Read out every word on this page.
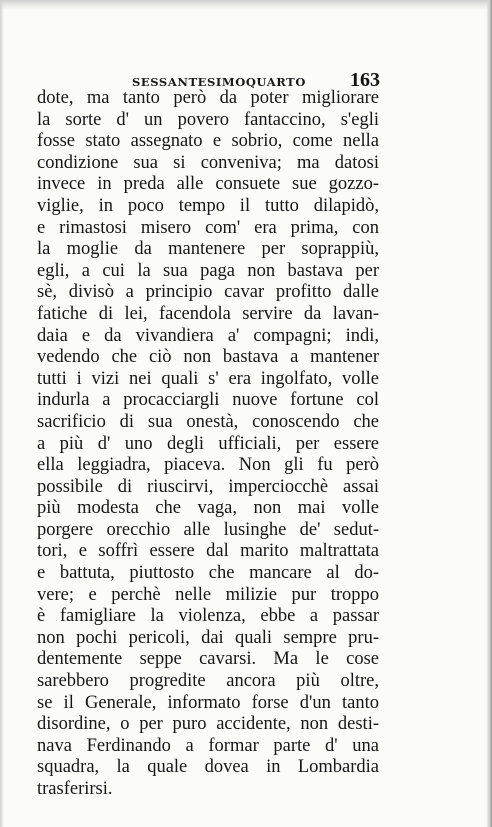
SESSANTESIMOQUARTO 163
dote, ma tanto però da poter migliorare
la sorte d' un povero fantaccino, s'egli
fosse stato assegnato e sobrio, come nella
condizione sua si conveniva; ma datosi
invece in preda alle consuete sue gozzo-
viglie, in poco tempo il tutto dilapidò,
e rimastosi misero com' era prima, con
la moglie da mantenere per soprappiù,
egli, a cui la sua paga non bastava per
sè, divisò a principio cavar profitto dalle
fatiche di lei, facendola servire da lavan-
daia e da vivandiera a' compagni; indi,
vedendo che ciò non bastava a mantener
tutti i vizi nei quali s' era ingolfato, volle
indurla a procacciargli nuove fortune col
sacrificio di sua onestà, conoscendo che
a più d' uno degli ufficiali, per essere
ella leggiadra, piaceva. Non gli fu però
possibile di riuscirvi, imperciocchè assai
più modesta che vaga, non mai volle
porgere orecchio alle lusinghe de' sedut-
tori, e soffrì essere dal marito maltrattata
e battuta, piuttosto che mancare al do-
vere; e perchè nelle milizie pur troppo
è famigliare la violenza, ebbe a passar
non pochi pericoli, dai quali sempre pru-
dentemente seppe cavarsi. Ma le cose
sarebbero progredite ancora più oltre,
se il Generale, informato forse d'un tanto
disordine, o per puro accidente, non desti-
nava Ferdinando a formar parte d' una
squadra, la quale dovea in Lombardia
trasferirsi.
